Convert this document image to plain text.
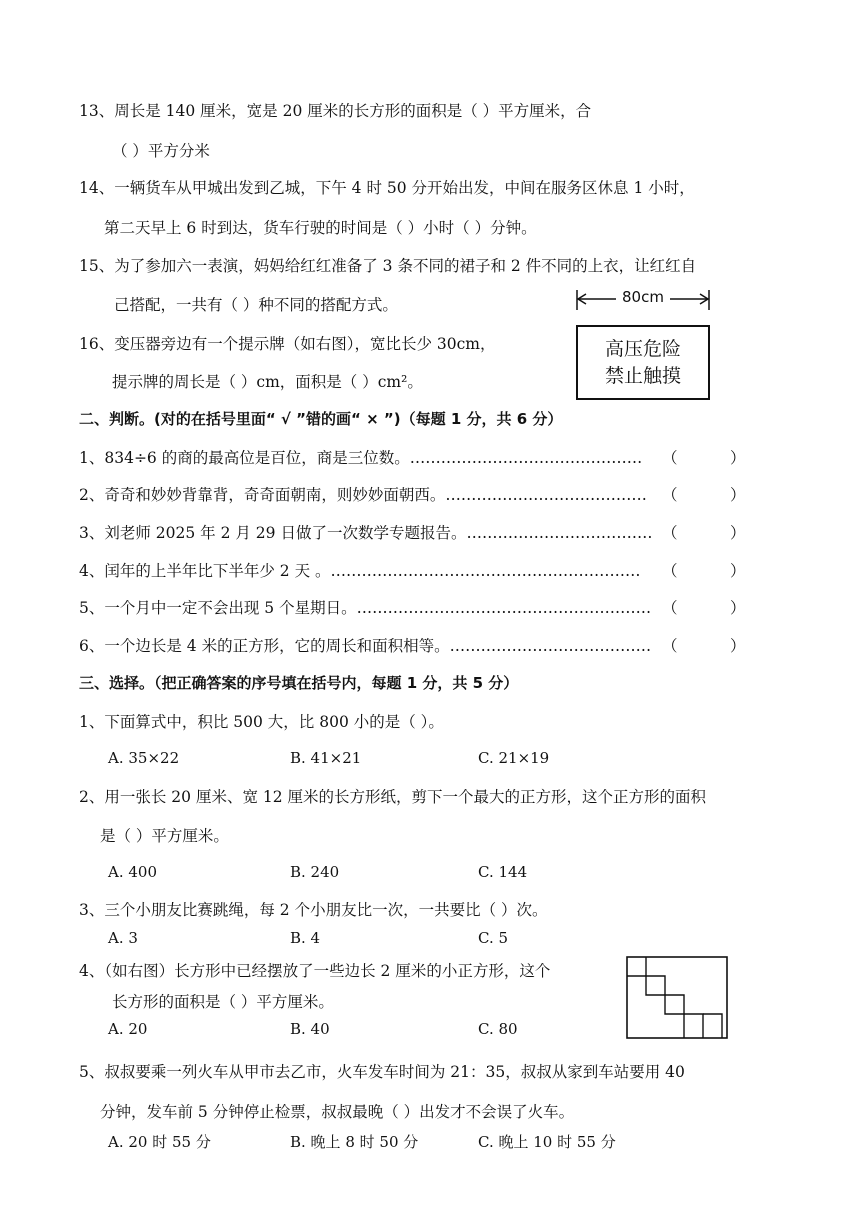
13、周长是 140 厘米，宽是 20 厘米的长方形的面积是（ ）平方厘米，合
（ ）平方分米
14、一辆货车从甲城出发到乙城，下午 4 时 50 分开始出发，中间在服务区休息 1 小时，
第二天早上 6 时到达，货车行驶的时间是（ ）小时（ ）分钟。
15、为了参加六一表演，妈妈给红红准备了 3 条不同的裙子和 2 件不同的上衣，让红红自
己搭配，一共有（ ）种不同的搭配方式。
16、变压器旁边有一个提示牌（如右图），宽比长少 30cm，
提示牌的周长是（ ）cm，面积是（ ）cm²。
80cm
高压危险
禁止触摸
二、判断。(对的在括号里面“ √ ”错的画“ × ”)（每题 1 分，共 6 分）
1、834÷6 的商的最高位是百位，商是三位数。……………………………………… （	）
2、奇奇和妙妙背靠背，奇奇面朝南，则妙妙面朝西。………………………………… （	）
3、刘老师 2025 年 2 月 29 日做了一次数学专题报告。……………………………… （	）
4、闰年的上半年比下半年少 2 天 。…………………………………………………… （	）
5、一个月中一定不会出现 5 个星期日。………………………………………………… （	）
6、一个边长是 4 米的正方形，它的周长和面积相等。………………………………… （	）
三、选择。（把正确答案的序号填在括号内，每题 1 分，共 5 分）
1、下面算式中，积比 500 大，比 800 小的是（ ）。
A. 35×22	B. 41×21	C. 21×19
2、用一张长 20 厘米、宽 12 厘米的长方形纸，剪下一个最大的正方形，这个正方形的面积
是（ ）平方厘米。
A. 400	B. 240	C. 144
3、三个小朋友比赛跳绳，每 2 个小朋友比一次，一共要比（ ）次。
A. 3	B. 4	C. 5
4、（如右图）长方形中已经摆放了一些边长 2 厘米的小正方形，这个
长方形的面积是（ ）平方厘米。
A. 20	B. 40	C. 80
5、叔叔要乘一列火车从甲市去乙市，火车发车时间为 21：35，叔叔从家到车站要用 40
分钟，发车前 5 分钟停止检票，叔叔最晚（ ）出发才不会误了火车。
A. 20 时 55 分	B. 晚上 8 时 50 分	C. 晚上 10 时 55 分
